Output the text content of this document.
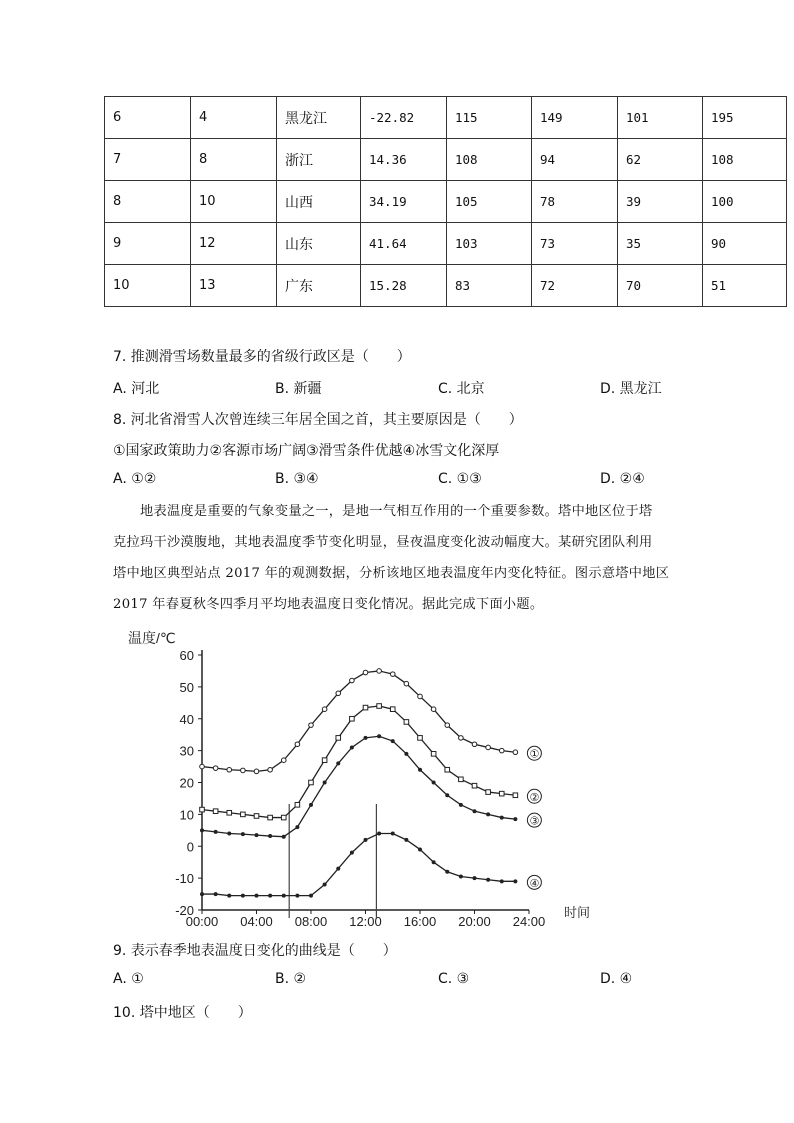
6	4	黑龙江	-22.82	115	149	101	195
7	8	浙江	14.36	108	94	62	108
8	10	山西	34.19	105	78	39	100
9	12	山东	41.64	103	73	35	90
10	13	广东	15.28	83	72	70	51
7. 推测滑雪场数量最多的省级行政区是（　　）
A. 河北	B. 新疆	C. 北京	D. 黑龙江
8. 河北省滑雪人次曾连续三年居全国之首，其主要原因是（　　）
①国家政策助力②客源市场广阔③滑雪条件优越④冰雪文化深厚
A. ①②	B. ③④	C. ①③	D. ②④

　　地表温度是重要的气象变量之一，是地一气相互作用的一个重要参数。塔中地区位于塔

克拉玛干沙漠腹地，其地表温度季节变化明显，昼夜温度变化波动幅度大。某研究团队利用

塔中地区典型站点 2017 年的观测数据，分析该地区地表温度年内变化特征。图示意塔中地区

2017 年春夏秋冬四季月平均地表温度日变化情况。据此完成下面小题。

温度/℃
时间
60
50
40
30
20
10
0
-10
-20
00:00 04:00 08:00 12:00 16:00 20:00 24:00
①
②
③
④
9. 表示春季地表温度日变化的曲线是（　　）
A. ①	B. ②	C. ③	D. ④
10. 塔中地区（　　）
